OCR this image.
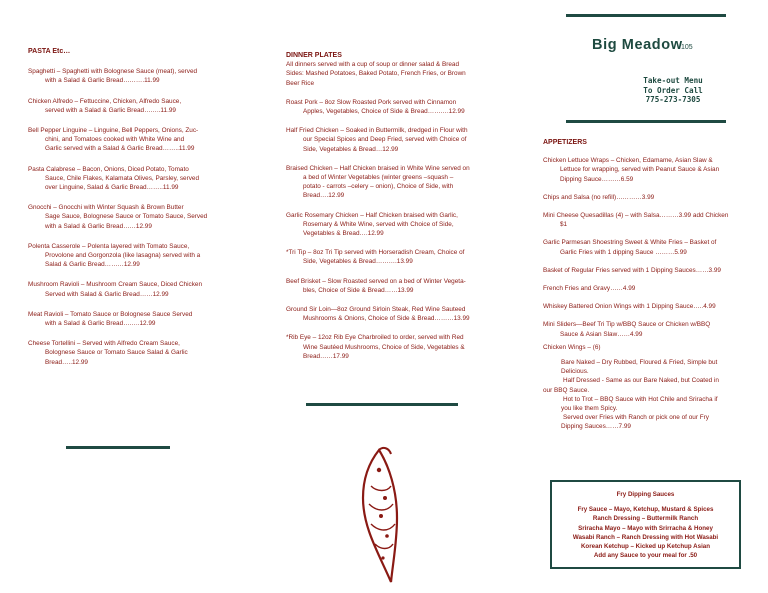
PASTA Etc…
Spaghetti – Spaghetti with Bolognese Sauce (meat), served
with a Salad & Garlic Bread……….11.99
Chicken Alfredo – Fettuccine, Chicken, Alfredo Sauce,
served with a Salad & Garlic Bread……..11.99
Bell Pepper Linguine – Linguine, Bell Peppers, Onions, Zuc-
chini, and Tomatoes cooked with White Wine and
Garlic served with a Salad & Garlic Bread……..11.99
Pasta Calabrese – Bacon, Onions, Diced Potato, Tomato
Sauce, Chile Flakes, Kalamata Olives, Parsley, served
over Linguine, Salad & Garlic Bread……..11.99
Gnocchi – Gnocchi with Winter Squash & Brown Butter
Sage Sauce, Bolognese Sauce or Tomato Sauce, Served
with a Salad & Garlic Bread……12.99
Polenta Casserole – Polenta layered with Tomato Sauce,
Provolone and Gorgonzola (like lasagna) served with a
Salad & Garlic Bread………12.99
Mushroom Ravioli – Mushroom Cream Sauce, Diced Chicken
Served with Salad & Garlic Bread……12.99
Meat Ravioli – Tomato Sauce or Bolognese Sauce Served
with a Salad & Garlic Bread……..12.99
Cheese Tortellini – Served with Alfredo Cream Sauce,
Bolognese Sauce or Tomato Sauce Salad & Garlic
Bread…..12.99
DINNER PLATES
All dinners served with a cup of soup or dinner salad & Bread
Sides: Mashed Potatoes, Baked Potato, French Fries, or Brown
Beer Rice
Roast Pork – 8oz Slow Roasted Pork served with Cinnamon
Apples, Vegetables, Choice of Side & Bread……….12.99
Half Fried Chicken – Soaked in Buttermilk, dredged in Flour with
our Special Spices and Deep Fried, served with Choice of
Side, Vegetables & Bread…12.99
Braised Chicken – Half Chicken braised in White Wine served on
a bed of Winter Vegetables (winter greens –squash –
potato - carrots –celery – onion), Choice of Side, with
Bread….12.99
Garlic Rosemary Chicken – Half Chicken braised with Garlic,
Rosemary & White Wine, served with Choice of Side,
Vegetables & Bread….12.99
*Tri Tip – 8oz Tri Tip served with Horseradish Cream, Choice of
Side, Vegetables & Bread……….13.99
Beef Brisket – Slow Roasted served on a bed of Winter Vegeta-
bles, Choice of Side & Bread……13.99
Ground Sir Loin—8oz Ground Sirloin Steak, Red Wine Sauteed
Mushrooms & Onions, Choice of Side & Bread………13.99
*Rib Eye – 12oz Rib Eye Charbroiled to order, served with Red
Wine Sautéed Mushrooms, Choice of Side, Vegetables &
Bread……17.99
Big Meadow
105
Take-out Menu
To Order Call
775-273-7305
APPETIZERS
Chicken Lettuce Wraps – Chicken, Edamame, Asian Slaw &
Lettuce for wrapping, served with Peanut Sauce & Asian
Dipping Sauce………6.59
Chips and Salsa (no refill)…………3.99
Mini Cheese Quesadillas (4) – with Salsa………3.99 add Chicken
$1
Garlic Parmesan Shoestring Sweet & White Fries – Basket of
Garlic Fries with 1 dipping Sauce ………5.99
Basket of Regular Fries served with 1 Dipping Sauces……3.99
French Fries and Gravy……4.99
Whiskey Battered Onion Wings with 1 Dipping Sauce…..4.99
Mini Sliders—Beef Tri Tip w/BBQ Sauce or Chicken w/BBQ
Sauce & Asian Slaw……4.99
Chicken Wings – (6)
Bare Naked – Dry Rubbed, Floured & Fried, Simple but
Delicious.
Half Dressed - Same as our Bare Naked, but Coated in
our BBQ Sauce.
Hot to Trot – BBQ Sauce with Hot Chile and Sriracha if
you like them Spicy.
Served over Fries with Ranch or pick one of our Fry
Dipping Sauces……7.99
Fry Dipping Sauces
Fry Sauce – Mayo, Ketchup, Mustard & Spices
Ranch Dressing – Buttermilk Ranch
Sriracha Mayo – Mayo with Srirracha & Honey
Wasabi Ranch – Ranch Dressing with Hot Wasabi
Korean Ketchup – Kicked up Ketchup Asian
Add any Sauce to your meal for .50
